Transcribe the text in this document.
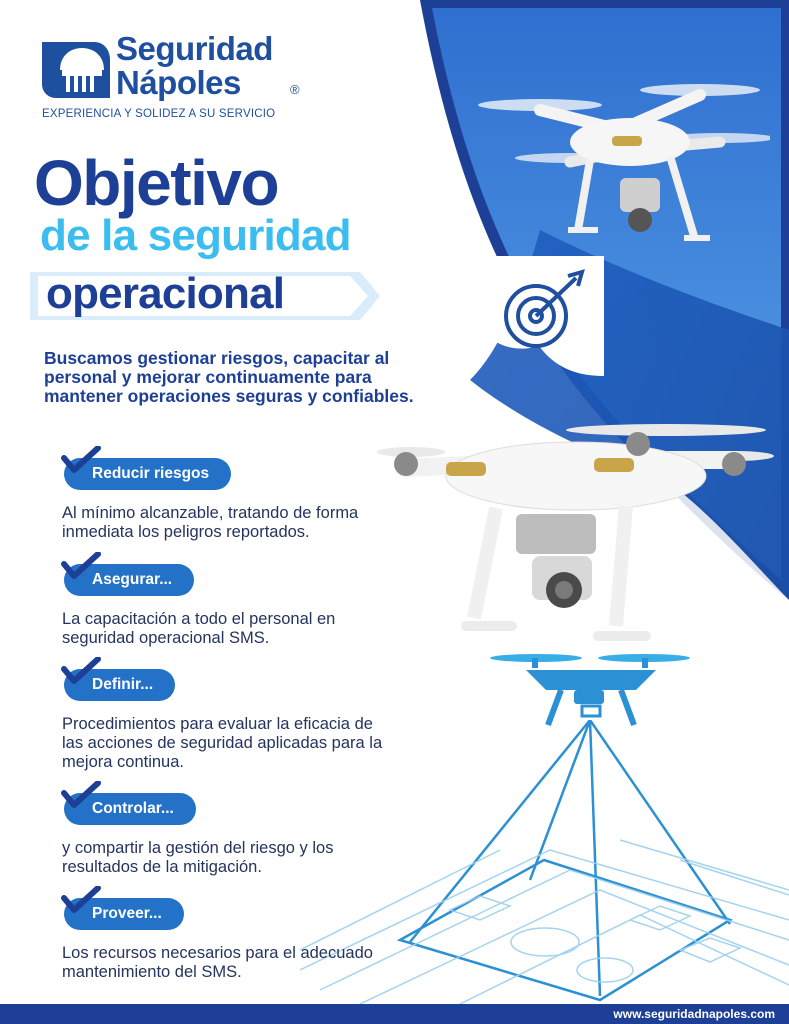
Seguridad
Nápoles	®
EXPERIENCIA Y SOLIDEZ A SU SERVICIO
Objetivo
de la seguridad
operacional
Buscamos gestionar riesgos, capacitar al personal y mejorar continuamente para mantener operaciones seguras y confiables.
Reducir riesgos
Al mínimo alcanzable, tratando de forma inmediata los peligros reportados.
Asegurar...
La capacitación a todo el personal en seguridad operacional SMS.
Definir...
Procedimientos para evaluar la eficacia de las acciones de seguridad aplicadas para la mejora continua.
Controlar...
y compartir la gestión del riesgo y los resultados de la mitigación.
Proveer...
Los recursos necesarios para el adecuado mantenimiento del SMS.
www.seguridadnapoles.com
